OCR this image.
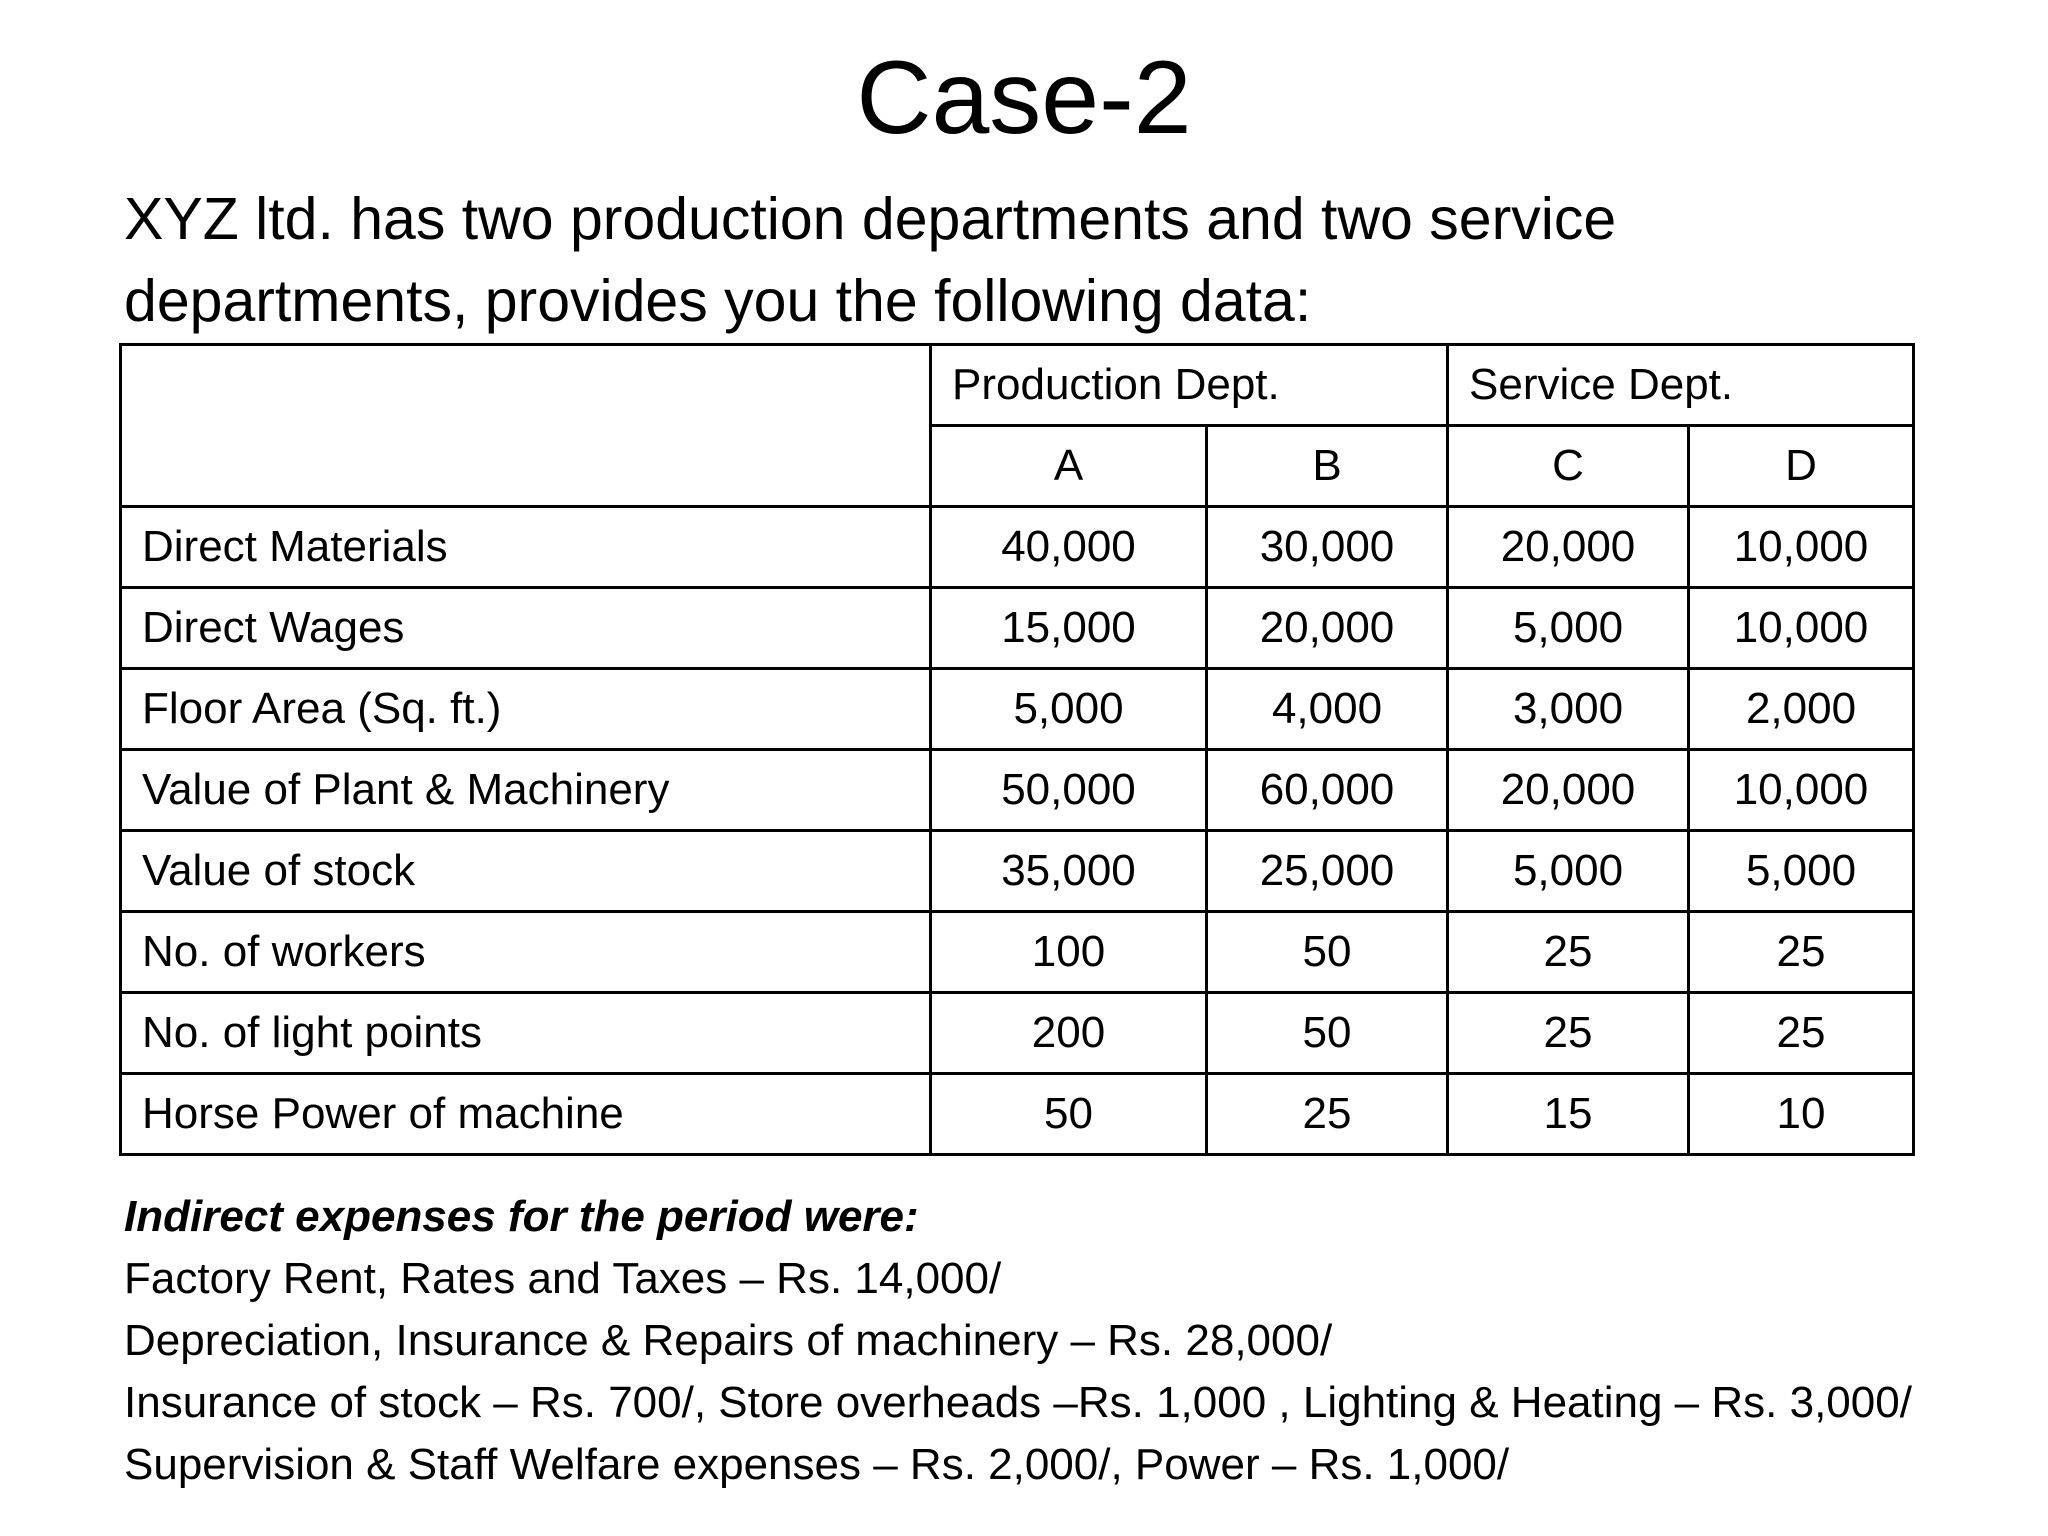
Case-2
XYZ ltd. has two production departments and two service departments, provides you the following data:
	Production Dept.		Service Dept.	
	A	B	C	D
Direct Materials	40,000	30,000	20,000	10,000
Direct Wages	15,000	20,000	5,000	10,000
Floor Area (Sq. ft.)	5,000	4,000	3,000	2,000
Value of Plant & Machinery	50,000	60,000	20,000	10,000
Value of stock	35,000	25,000	5,000	5,000
No. of workers	100	50	25	25
No. of light points	200	50	25	25
Horse Power of machine	50	25	15	10
Indirect expenses for the period were:
Factory Rent, Rates and Taxes – Rs. 14,000/
Depreciation, Insurance & Repairs of machinery – Rs. 28,000/
Insurance of stock – Rs. 700/, Store overheads –Rs. 1,000 , Lighting & Heating – Rs. 3,000/
Supervision & Staff Welfare expenses – Rs. 2,000/, Power – Rs. 1,000/
